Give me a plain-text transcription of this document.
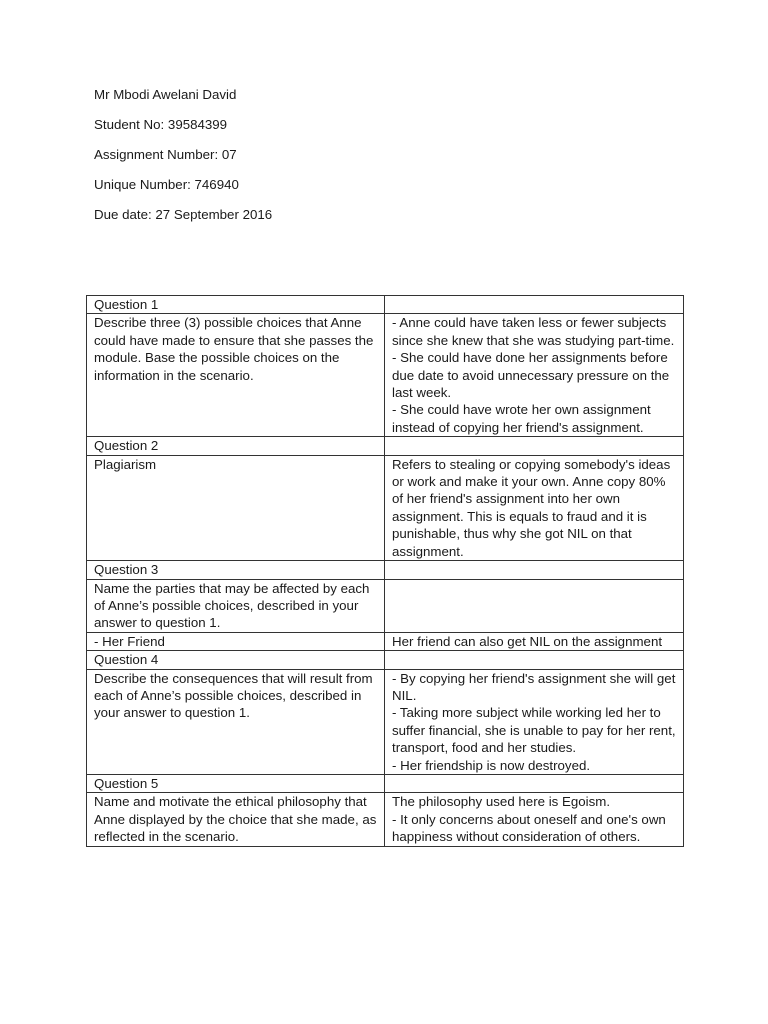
Mr Mbodi Awelani David

Student No: 39584399

Assignment Number: 07

Unique Number: 746940

Due date: 27 September 2016

Question 1	
Describe three (3) possible choices that Anne could have made to ensure that she passes the module. Base the possible choices on the information in the scenario.	- Anne could have taken less or fewer subjects since she knew that she was studying part-time.
- She could have done her assignments before due date to avoid unnecessary pressure on the last week.
- She could have wrote her own assignment instead of copying her friend's assignment.

Question 2	
Plagiarism	Refers to stealing or copying somebody's ideas or work and make it your own. Anne copy 80% of her friend's assignment into her own assignment. This is equals to fraud and it is punishable, thus why she got NIL on that assignment.
Question 3	
Name the parties that may be affected by each of Anne’s possible choices, described in your answer to question 1.	
- Her Friend	Her friend can also get NIL on the assignment
Question 4	
Describe the consequences that will result from each of Anne’s possible choices, described in your answer to question 1.	- By copying her friend's assignment she will get NIL.
- Taking more subject while working led her to suffer financial, she is unable to pay for her rent, transport, food and her studies.
- Her friendship is now destroyed.

Question 5	
Name and motivate the ethical philosophy that Anne displayed by the choice that she made, as reflected in the scenario.	The philosophy used here is Egoism.
- It only concerns about oneself and one's own happiness without consideration of others.
